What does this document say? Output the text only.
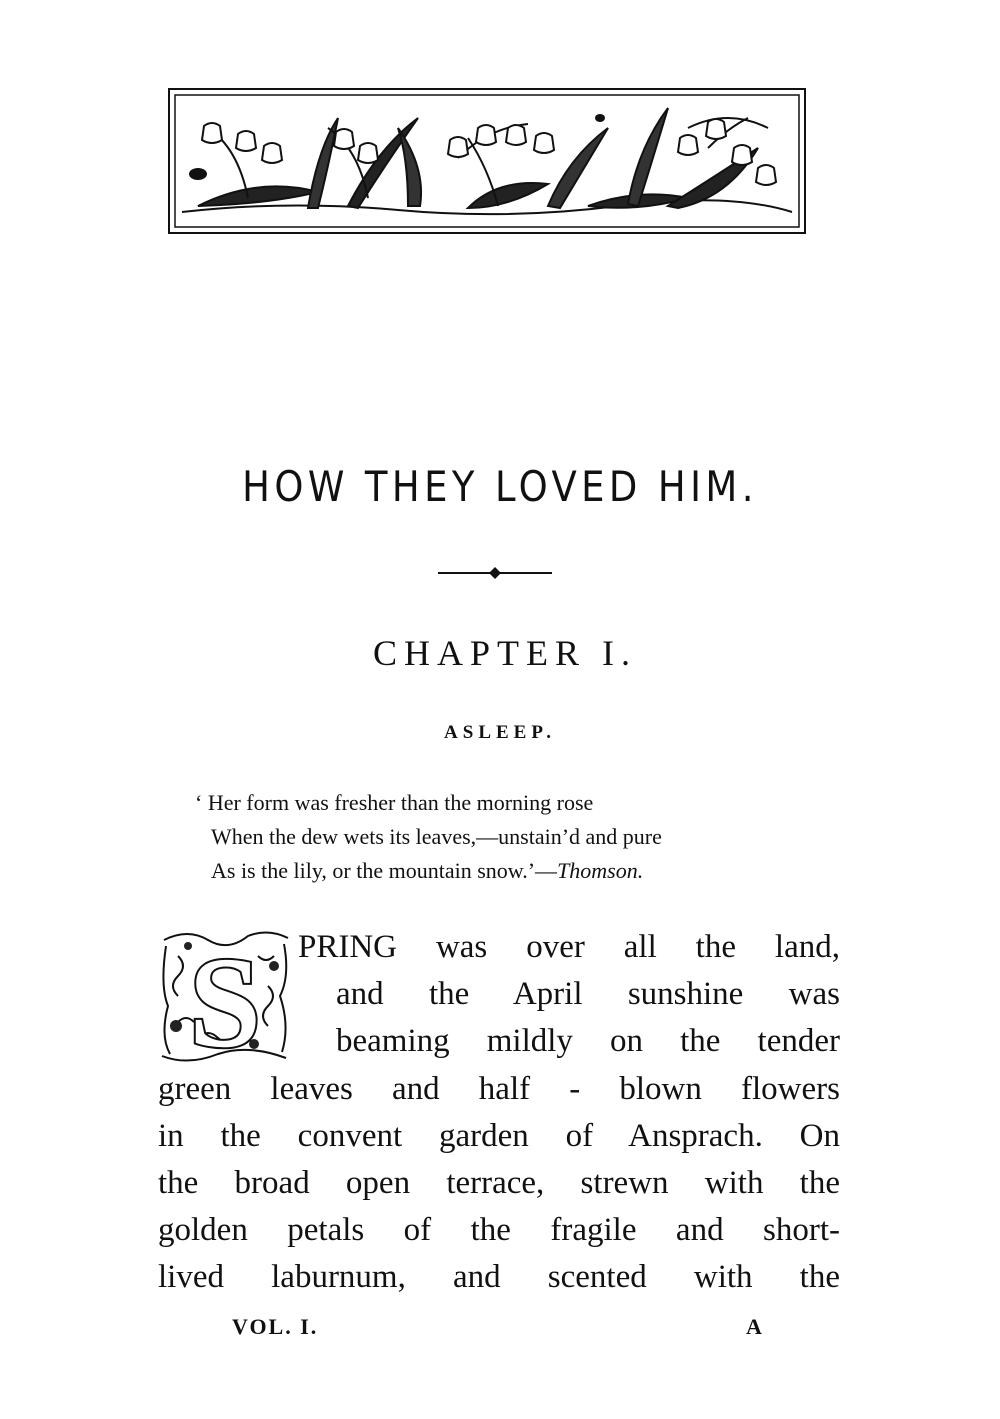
HOW THEY LOVED HIM.
CHAPTER I.
ASLEEP.
‘ Her form was fresher than the morning rose
When the dew wets its leaves,—unstain’d and pure
As is the lily, or the mountain snow.’—Thomson.
S PRING was over all the land,
and the April sunshine was
beaming mildly on the tender
green leaves and half - blown flowers
in the convent garden of Ansprach. On
the broad open terrace, strewn with the
golden petals of the fragile and short-
lived laburnum, and scented with the
VOL. I.	A
